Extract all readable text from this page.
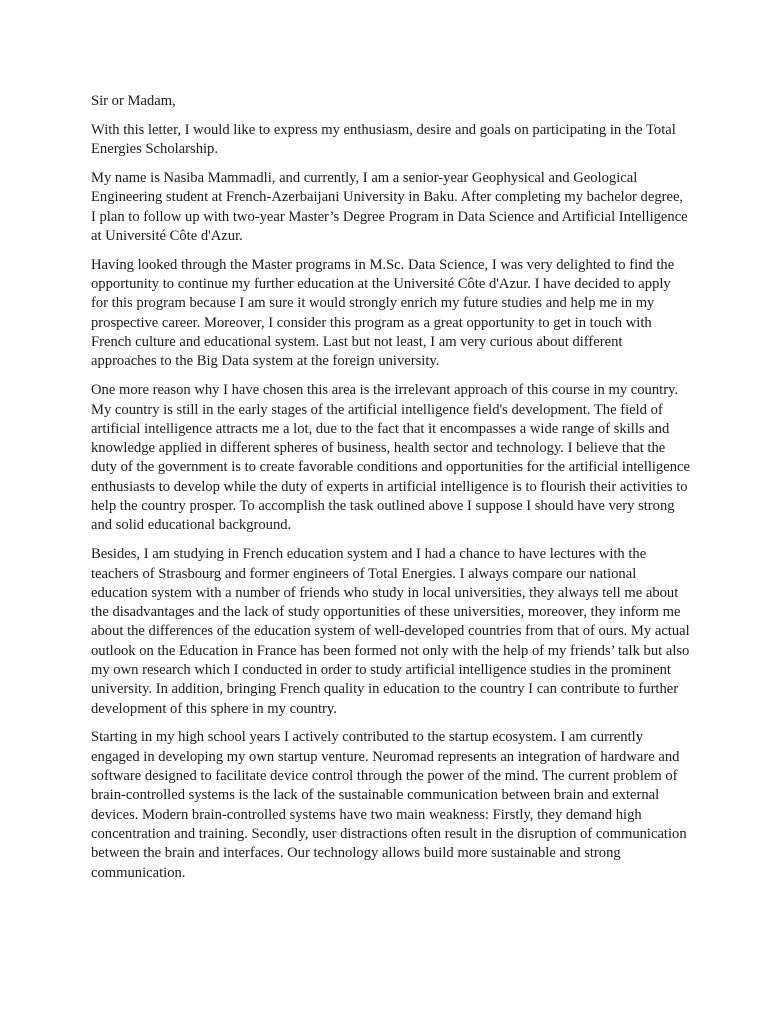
Sir or Madam,

With this letter, I would like to express my enthusiasm, desire and goals on participating in the Total Energies Scholarship.

My name is Nasiba Mammadli, and currently, I am a senior-year Geophysical and Geological Engineering student at French-Azerbaijani University in Baku. After completing my bachelor degree, I plan to follow up with two-year Master’s Degree Program in Data Science and Artificial Intelligence at Université Côte d'Azur.

Having looked through the Master programs in M.Sc. Data Science, I was very delighted to find the opportunity to continue my further education at the Université Côte d'Azur. I have decided to apply for this program because I am sure it would strongly enrich my future studies and help me in my prospective career. Moreover, I consider this program as a great opportunity to get in touch with French culture and educational system. Last but not least, I am very curious about different approaches to the Big Data system at the foreign university.

One more reason why I have chosen this area is the irrelevant approach of this course in my country. My country is still in the early stages of the artificial intelligence field's development. The field of artificial intelligence attracts me a lot, due to the fact that it encompasses a wide range of skills and knowledge applied in different spheres of business, health sector and technology. I believe that the duty of the government is to create favorable conditions and opportunities for the artificial intelligence enthusiasts to develop while the duty of experts in artificial intelligence is to flourish their activities to help the country prosper. To accomplish the task outlined above I suppose I should have very strong and solid educational background.

Besides, I am studying in French education system and I had a chance to have lectures with the teachers of Strasbourg and former engineers of Total Energies. I always compare our national education system with a number of friends who study in local universities, they always tell me about the disadvantages and the lack of study opportunities of these universities, moreover, they inform me about the differences of the education system of well-developed countries from that of ours. My actual outlook on the Education in France has been formed not only with the help of my friends’ talk but also my own research which I conducted in order to study artificial intelligence studies in the prominent university. In addition, bringing French quality in education to the country I can contribute to further development of this sphere in my country.

Starting in my high school years I actively contributed to the startup ecosystem. I am currently engaged in developing my own startup venture. Neuromad represents an integration of hardware and software designed to facilitate device control through the power of the mind. The current problem of brain-controlled systems is the lack of the sustainable communication between brain and external devices. Modern brain-controlled systems have two main weakness: Firstly, they demand high concentration and training. Secondly, user distractions often result in the disruption of communication between the brain and interfaces. Our technology allows build more sustainable and strong communication.
